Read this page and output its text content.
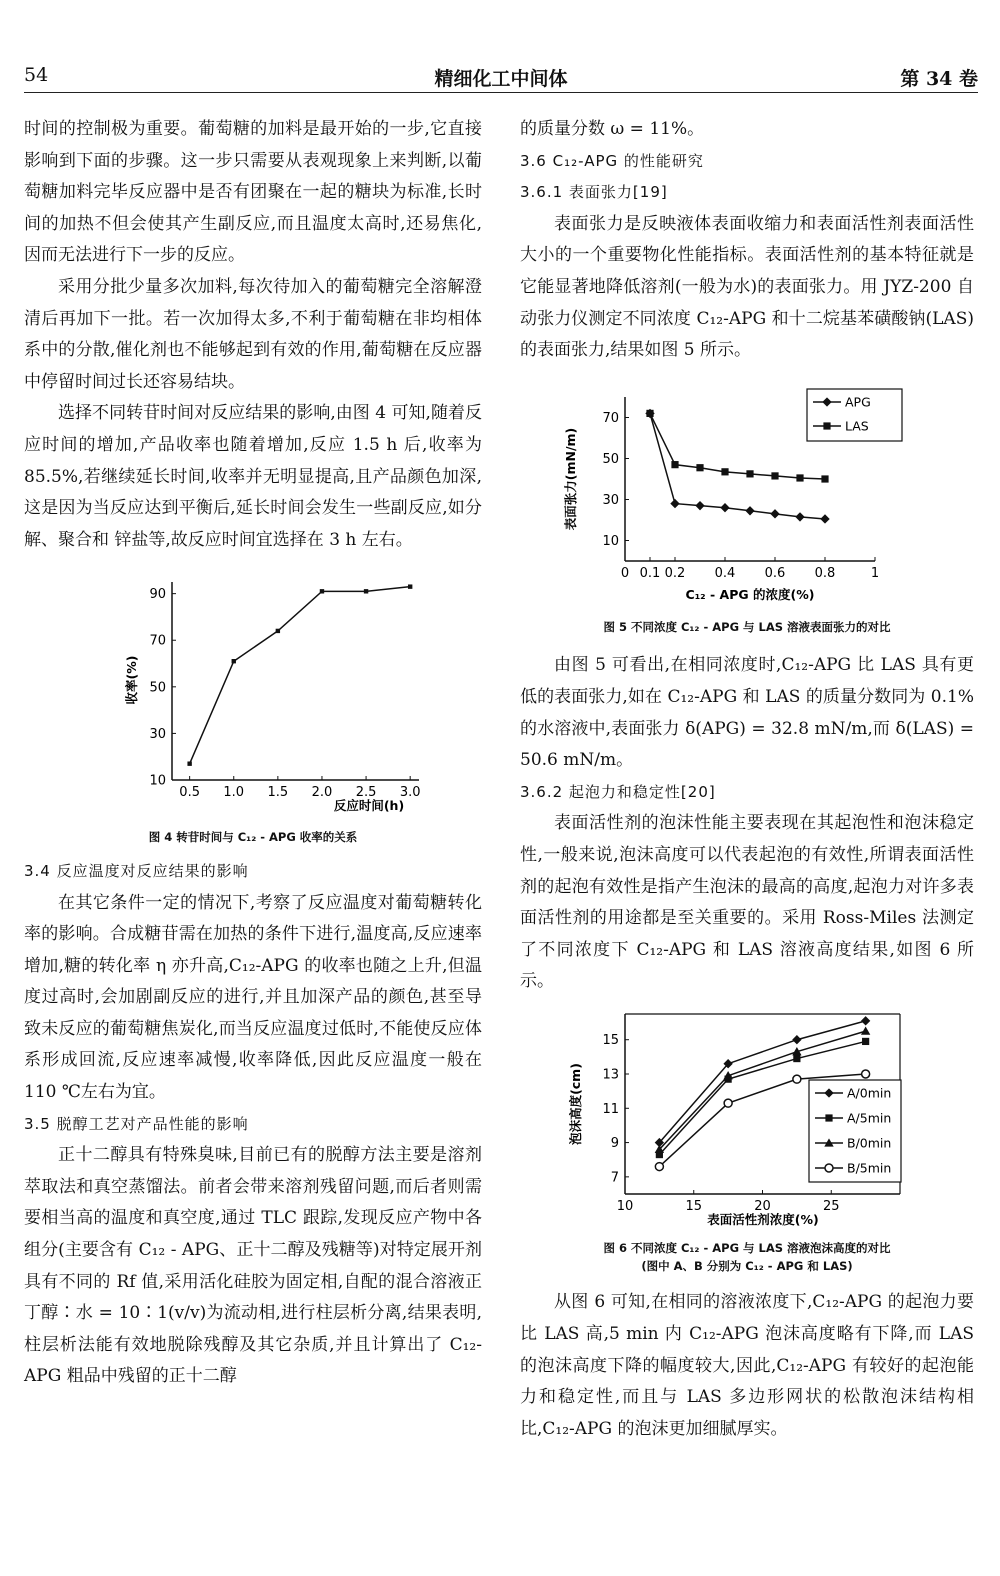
54	精细化工中间体	第 34 卷

时间的控制极为重要。葡萄糖的加料是最开始的一步,它直接影响到下面的步骤。这一步只需要从表观现象上来判断,以葡萄糖加料完毕反应器中是否有团聚在一起的糖块为标准,长时间的加热不但会使其产生副反应,而且温度太高时,还易焦化,因而无法进行下一步的反应。

采用分批少量多次加料,每次待加入的葡萄糖完全溶解澄清后再加下一批。若一次加得太多,不利于葡萄糖在非均相体系中的分散,催化剂也不能够起到有效的作用,葡萄糖在反应器中停留时间过长还容易结块。

选择不同转苷时间对反应结果的影响,由图 4 可知,随着反应时间的增加,产品收率也随着增加,反应 1.5 h 后,收率为 85.5%,若继续延长时间,收率并无明显提高,且产品颜色加深,这是因为当反应达到平衡后,延长时间会发生一些副反应,如分解、聚合和 锌盐等,故反应时间宜选择在 3 h 左右。

0.5 1.0 1.5 2.0 2.5 3.0
10
30
50
70
90
反应时间(h)
收率(%)
图 4 转苷时间与 C₁₂ - APG 收率的关系

3.4 反应温度对反应结果的影响

在其它条件一定的情况下,考察了反应温度对葡萄糖转化率的影响。合成糖苷需在加热的条件下进行,温度高,反应速率增加,糖的转化率 η 亦升高,C₁₂-APG 的收率也随之上升,但温度过高时,会加剧副反应的进行,并且加深产品的颜色,甚至导致未反应的葡萄糖焦炭化,而当反应温度过低时,不能使反应体系形成回流,反应速率减慢,收率降低,因此反应温度一般在 110 ℃左右为宜。

3.5 脱醇工艺对产品性能的影响

正十二醇具有特殊臭味,目前已有的脱醇方法主要是溶剂萃取法和真空蒸馏法。前者会带来溶剂残留问题,而后者则需要相当高的温度和真空度,通过 TLC 跟踪,发现反应产物中各组分(主要含有 C₁₂ - APG、正十二醇及残糖等)对特定展开剂具有不同的 Rf 值,采用活化硅胶为固定相,自配的混合溶液正丁醇∶水 = 10∶1(v/v)为流动相,进行柱层析分离,结果表明,柱层析法能有效地脱除残醇及其它杂质,并且计算出了 C₁₂-APG 粗品中残留的正十二醇

的质量分数 ω = 11%。

3.6 C₁₂-APG 的性能研究

3.6.1 表面张力[19]

表面张力是反映液体表面收缩力和表面活性剂表面活性大小的一个重要物化性能指标。表面活性剂的基本特征就是它能显著地降低溶剂(一般为水)的表面张力。用 JYZ-200 自动张力仪测定不同浓度 C₁₂-APG 和十二烷基苯磺酸钠(LAS)的表面张力,结果如图 5 所示。

0 0.1 0.2 0.4 0.6 0.8	1
10
30
50
70
C₁₂ - APG 的浓度(%)
表面张力(mN/m)
APG
LAS
图 5 不同浓度 C₁₂ - APG 与 LAS 溶液表面张力的对比

由图 5 可看出,在相同浓度时,C₁₂-APG 比 LAS 具有更低的表面张力,如在 C₁₂-APG 和 LAS 的质量分数同为 0.1% 的水溶液中,表面张力 δ(APG) = 32.8 mN/m,而 δ(LAS) = 50.6 mN/m。

3.6.2 起泡力和稳定性[20]

表面活性剂的泡沫性能主要表现在其起泡性和泡沫稳定性,一般来说,泡沫高度可以代表起泡的有效性,所谓表面活性剂的起泡有效性是指产生泡沫的最高的高度,起泡力对许多表面活性剂的用途都是至关重要的。采用 Ross-Miles 法测定了不同浓度下 C₁₂-APG 和 LAS 溶液高度结果,如图 6 所示。

10	15	20	25
7
9
11
13
15
表面活性剂浓度(%)
泡沫高度(cm)	A/0min
A/5min
B/0min
B/5min
图 6 不同浓度 C₁₂ - APG 与 LAS 溶液泡沫高度的对比
(图中 A、B 分别为 C₁₂ - APG 和 LAS)

从图 6 可知,在相同的溶液浓度下,C₁₂-APG 的起泡力要比 LAS 高,5 min 内 C₁₂-APG 泡沫高度略有下降,而 LAS 的泡沫高度下降的幅度较大,因此,C₁₂-APG 有较好的起泡能力和稳定性,而且与 LAS 多边形网状的松散泡沫结构相比,C₁₂-APG 的泡沫更加细腻厚实。
